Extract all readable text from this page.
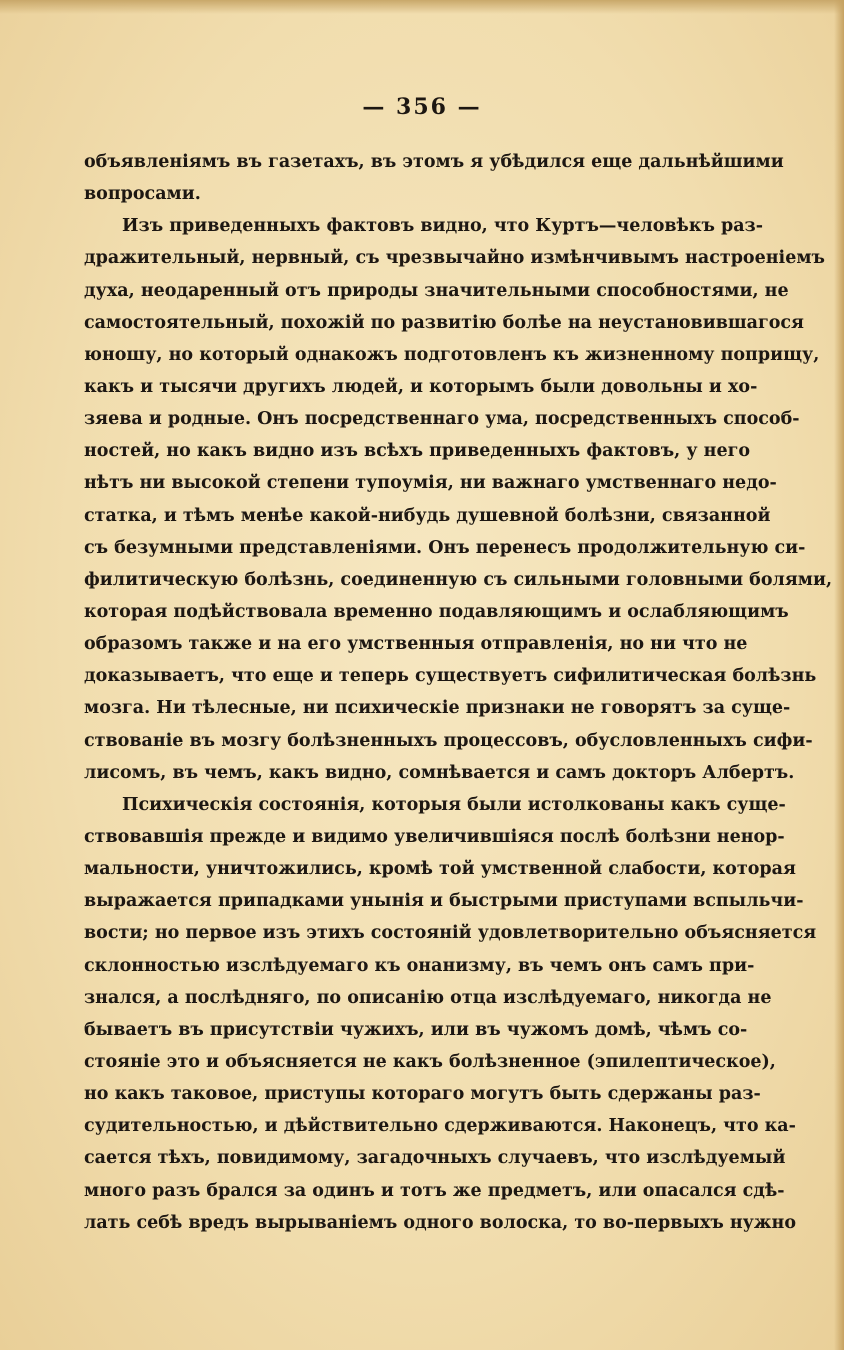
— 356 —
объявленіямъ въ газетахъ, въ этомъ я убѣдился еще дальнѣйшими
вопросами.
Изъ приведенныхъ фактовъ видно, что Куртъ—человѣкъ раз-
дражительный, нервный, съ чрезвычайно измѣнчивымъ настроеніемъ
духа, неодаренный отъ природы значительными способностями, не
самостоятельный, похожій по развитію болѣе на неустановившагося
юношу, но который однакожъ подготовленъ къ жизненному поприщу,
какъ и тысячи другихъ людей, и которымъ были довольны и хо-
зяева и родные. Онъ посредственнаго ума, посредственныхъ способ-
ностей, но какъ видно изъ всѣхъ приведенныхъ фактовъ, у него
нѣтъ ни высокой степени тупоумія, ни важнаго умственнаго недо-
статка, и тѣмъ менѣе какой-нибудь душевной болѣзни, связанной
съ безумными представленіями. Онъ перенесъ продолжительную си-
филитическую болѣзнь, соединенную съ сильными головными болями,
которая подѣйствовала временно подавляющимъ и ослабляющимъ
образомъ также и на его умственныя отправленія, но ни что не
доказываетъ, что еще и теперь существуетъ сифилитическая болѣзнь
мозга. Ни тѣлесные, ни психическіе признаки не говорятъ за суще-
ствованіе въ мозгу болѣзненныхъ процессовъ, обусловленныхъ сифи-
лисомъ, въ чемъ, какъ видно, сомнѣвается и самъ докторъ Албертъ.
Психическія состоянія, которыя были истолкованы какъ суще-
ствовавшія прежде и видимо увеличившіяся послѣ болѣзни ненор-
мальности, уничтожились, кромѣ той умственной слабости, которая
выражается припадками унынія и быстрыми приступами вспыльчи-
вости; но первое изъ этихъ состояній удовлетворительно объясняется
склонностью изслѣдуемаго къ онанизму, въ чемъ онъ самъ при-
знался, а послѣдняго, по описанію отца изслѣдуемаго, никогда не
бываетъ въ присутствіи чужихъ, или въ чужомъ домѣ, чѣмъ со-
стояніе это и объясняется не какъ болѣзненное (эпилептическое),
но какъ таковое, приступы котораго могутъ быть сдержаны раз-
судительностью, и дѣйствительно сдерживаются. Наконецъ, что ка-
сается тѣхъ, повидимому, загадочныхъ случаевъ, что изслѣдуемый
много разъ брался за одинъ и тотъ же предметъ, или опасался сдѣ-
лать себѣ вредъ вырываніемъ одного волоска, то во-первыхъ нужно
